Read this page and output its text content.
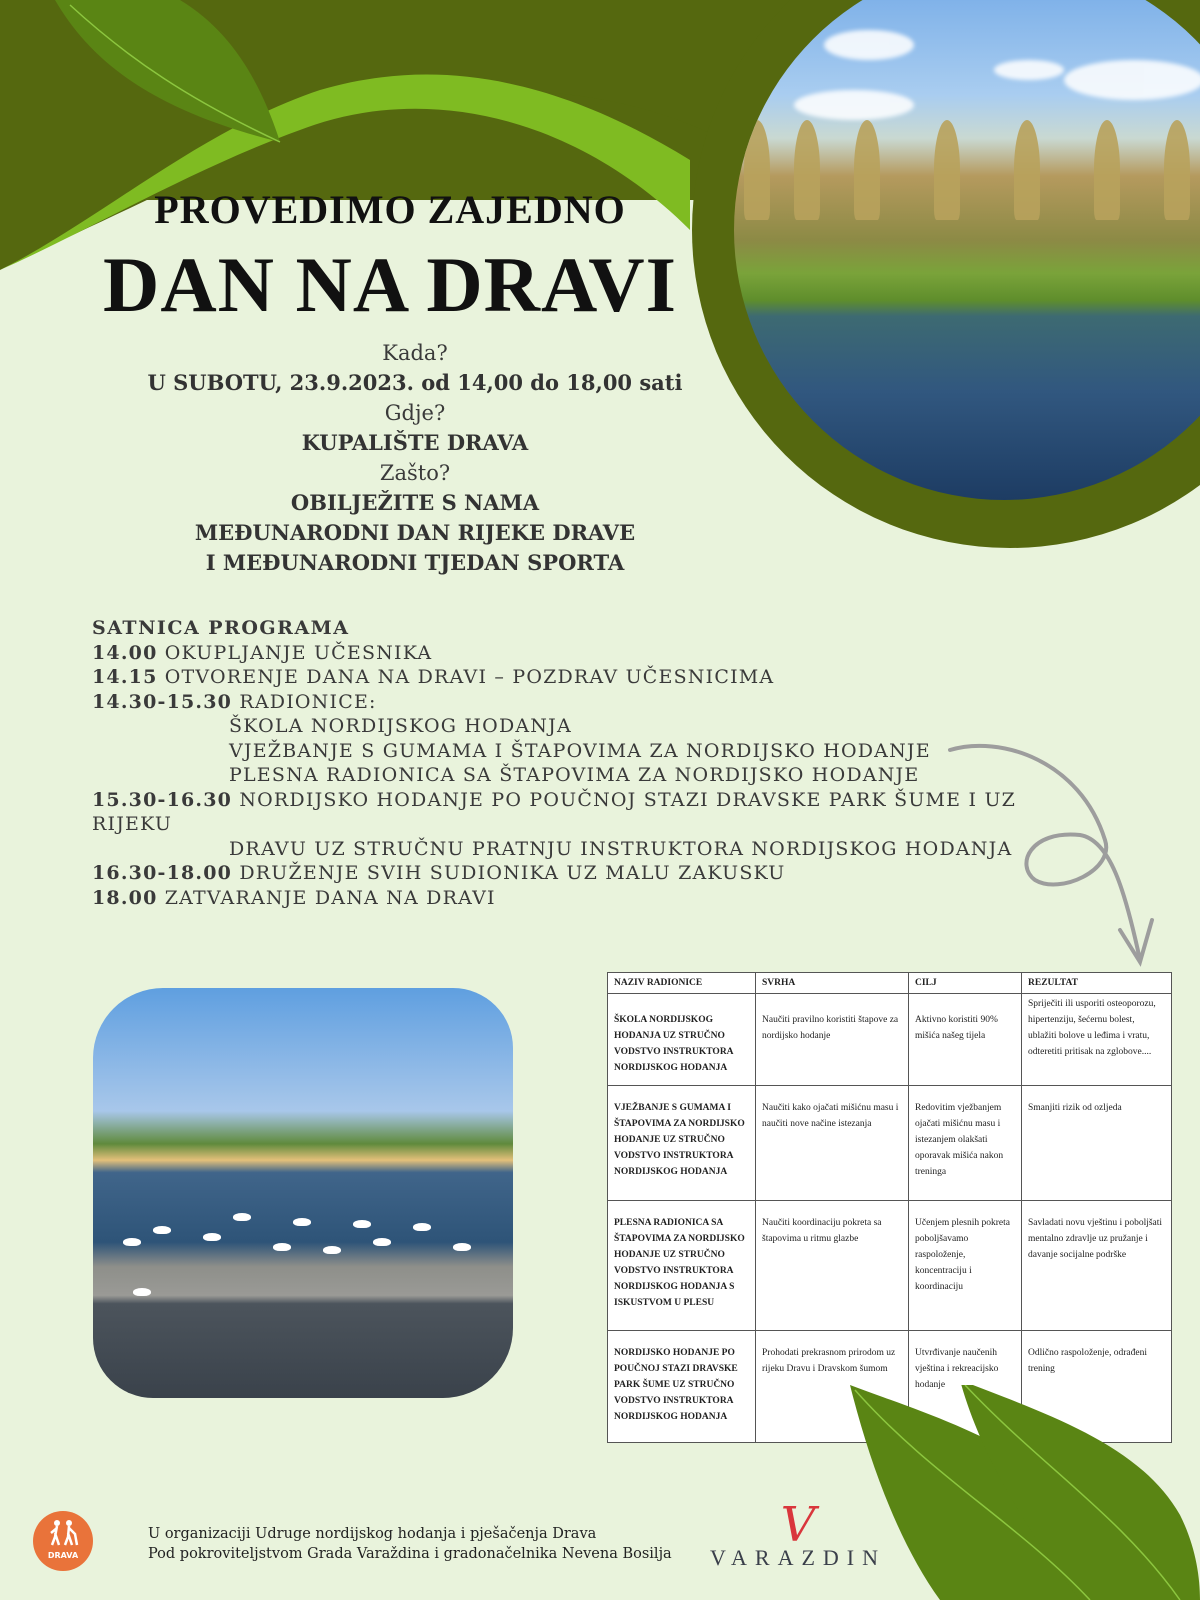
PROVEDIMO ZAJEDNO
DAN NA DRAVI
Kada?
U SUBOTU, 23.9.2023. od 14,00 do 18,00 sati
Gdje?
KUPALIŠTE DRAVA
Zašto?
OBILJEŽITE S NAMA
MEĐUNARODNI DAN RIJEKE DRAVE
I MEĐUNARODNI TJEDAN SPORTA
SATNICA PROGRAMA
14.00 OKUPLJANJE UČESNIKA
14.15 OTVORENJE DANA NA DRAVI – POZDRAV UČESNICIMA
14.30-15.30 RADIONICE:
ŠKOLA NORDIJSKOG HODANJA
VJEŽBANJE S GUMAMA I ŠTAPOVIMA ZA NORDIJSKO HODANJE
PLESNA RADIONICA SA ŠTAPOVIMA ZA NORDIJSKO HODANJE
15.30-16.30 NORDIJSKO HODANJE PO POUČNOJ STAZI DRAVSKE PARK ŠUME I UZ RIJEKU
DRAVU UZ STRUČNU PRATNJU INSTRUKTORA NORDIJSKOG HODANJA
16.30-18.00 DRUŽENJE SVIH SUDIONIKA UZ MALU ZAKUSKU
18.00 ZATVARANJE DANA NA DRAVI
NAZIV RADIONICE	SVRHA	CILJ	REZULTAT
ŠKOLA NORDIJSKOG HODANJA UZ STRUČNO VODSTVO INSTRUKTORA NORDIJSKOG HODANJA	Naučiti pravilno koristiti štapove za nordijsko hodanje	Aktivno koristiti 90% mišića našeg tijela	Spriječiti ili usporiti osteoporozu, hipertenziju, šećernu bolest, ublažiti bolove u leđima i vratu, odteretiti pritisak na zglobove....
VJEŽBANJE S GUMAMA I ŠTAPOVIMA ZA NORDIJSKO HODANJE UZ STRUČNO VODSTVO INSTRUKTORA NORDIJSKOG HODANJA	Naučiti kako ojačati mišićnu masu i naučiti nove načine istezanja	Redovitim vježbanjem ojačati mišićnu masu i istezanjem olakšati oporavak mišića nakon treninga	Smanjiti rizik od ozljeda
PLESNA RADIONICA SA ŠTAPOVIMA ZA NORDIJSKO HODANJE UZ STRUČNO VODSTVO INSTRUKTORA NORDIJSKOG HODANJA S ISKUSTVOM U PLESU	Naučiti koordinaciju pokreta sa štapovima u ritmu glazbe	Učenjem plesnih pokreta poboljšavamo raspoloženje, koncentraciju i koordinaciju	Savladati novu vještinu i poboljšati mentalno zdravlje uz pružanje i davanje socijalne podrške
NORDIJSKO HODANJE PO POUČNOJ STAZI DRAVSKE PARK ŠUME UZ STRUČNO VODSTVO INSTRUKTORA NORDIJSKOG HODANJA	Prohodati prekrasnom prirodom uz rijeku Dravu i Dravskom šumom	Utvrđivanje naučenih vještina i rekreacijsko hodanje	Odlično raspoloženje, odrađeni trening
DRAVA
U organizaciji Udruge nordijskog hodanja i pješačenja Drava
Pod pokroviteljstvom Grada Varaždina i gradonačelnika Nevena Bosilja
V
VARAZDIN
